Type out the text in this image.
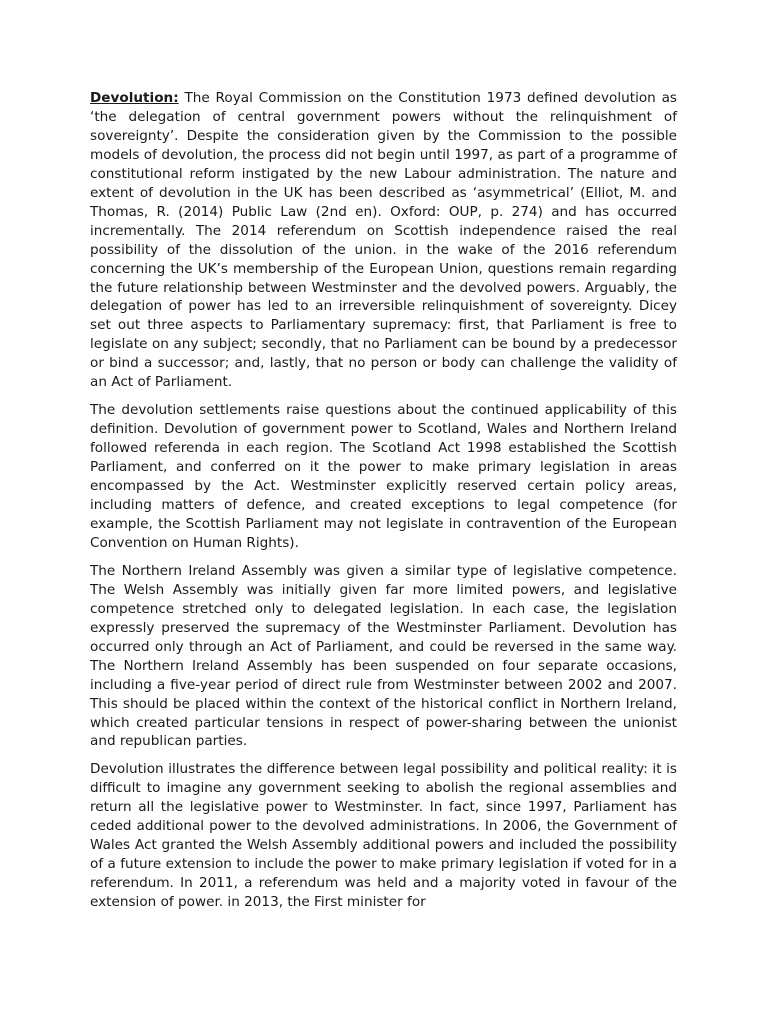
Devolution: The Royal Commission on the Constitution 1973 defined devolution as ‘the delegation of central government powers without the relinquishment of sovereignty’. Despite the consideration given by the Commission to the possible models of devolution, the process did not begin until 1997, as part of a programme of constitutional reform instigated by the new Labour administration. The nature and extent of devolution in the UK has been described as ‘asymmetrical’ (Elliot, M. and Thomas, R. (2014) Public Law (2nd en). Oxford: OUP, p. 274) and has occurred incrementally. The 2014 referendum on Scottish independence raised the real possibility of the dissolution of the union. in the wake of the 2016 referendum concerning the UK’s membership of the European Union, questions remain regarding the future relationship between Westminster and the devolved powers. Arguably, the delegation of power has led to an irreversible relinquishment of sovereignty. Dicey set out three aspects to Parliamentary supremacy: first, that Parliament is free to legislate on any subject; secondly, that no Parliament can be bound by a predecessor or bind a successor; and, lastly, that no person or body can challenge the validity of an Act of Parliament.

The devolution settlements raise questions about the continued applicability of this definition. Devolution of government power to Scotland, Wales and Northern Ireland followed referenda in each region. The Scotland Act 1998 established the Scottish Parliament, and conferred on it the power to make primary legislation in areas encompassed by the Act. Westminster explicitly reserved certain policy areas, including matters of defence, and created exceptions to legal competence (for example, the Scottish Parliament may not legislate in contravention of the European Convention on Human Rights).

The Northern Ireland Assembly was given a similar type of legislative competence. The Welsh Assembly was initially given far more limited powers, and legislative competence stretched only to delegated legislation. In each case, the legislation expressly preserved the supremacy of the Westminster Parliament. Devolution has occurred only through an Act of Parliament, and could be reversed in the same way. The Northern Ireland Assembly has been suspended on four separate occasions, including a five-year period of direct rule from Westminster between 2002 and 2007. This should be placed within the context of the historical conflict in Northern Ireland, which created particular tensions in respect of power-sharing between the unionist and republican parties.

Devolution illustrates the difference between legal possibility and political reality: it is difficult to imagine any government seeking to abolish the regional assemblies and return all the legislative power to Westminster. In fact, since 1997, Parliament has ceded additional power to the devolved administrations. In 2006, the Government of Wales Act granted the Welsh Assembly additional powers and included the possibility of a future extension to include the power to make primary legislation if voted for in a referendum. In 2011, a referendum was held and a majority voted in favour of the extension of power. in 2013, the First minister for
